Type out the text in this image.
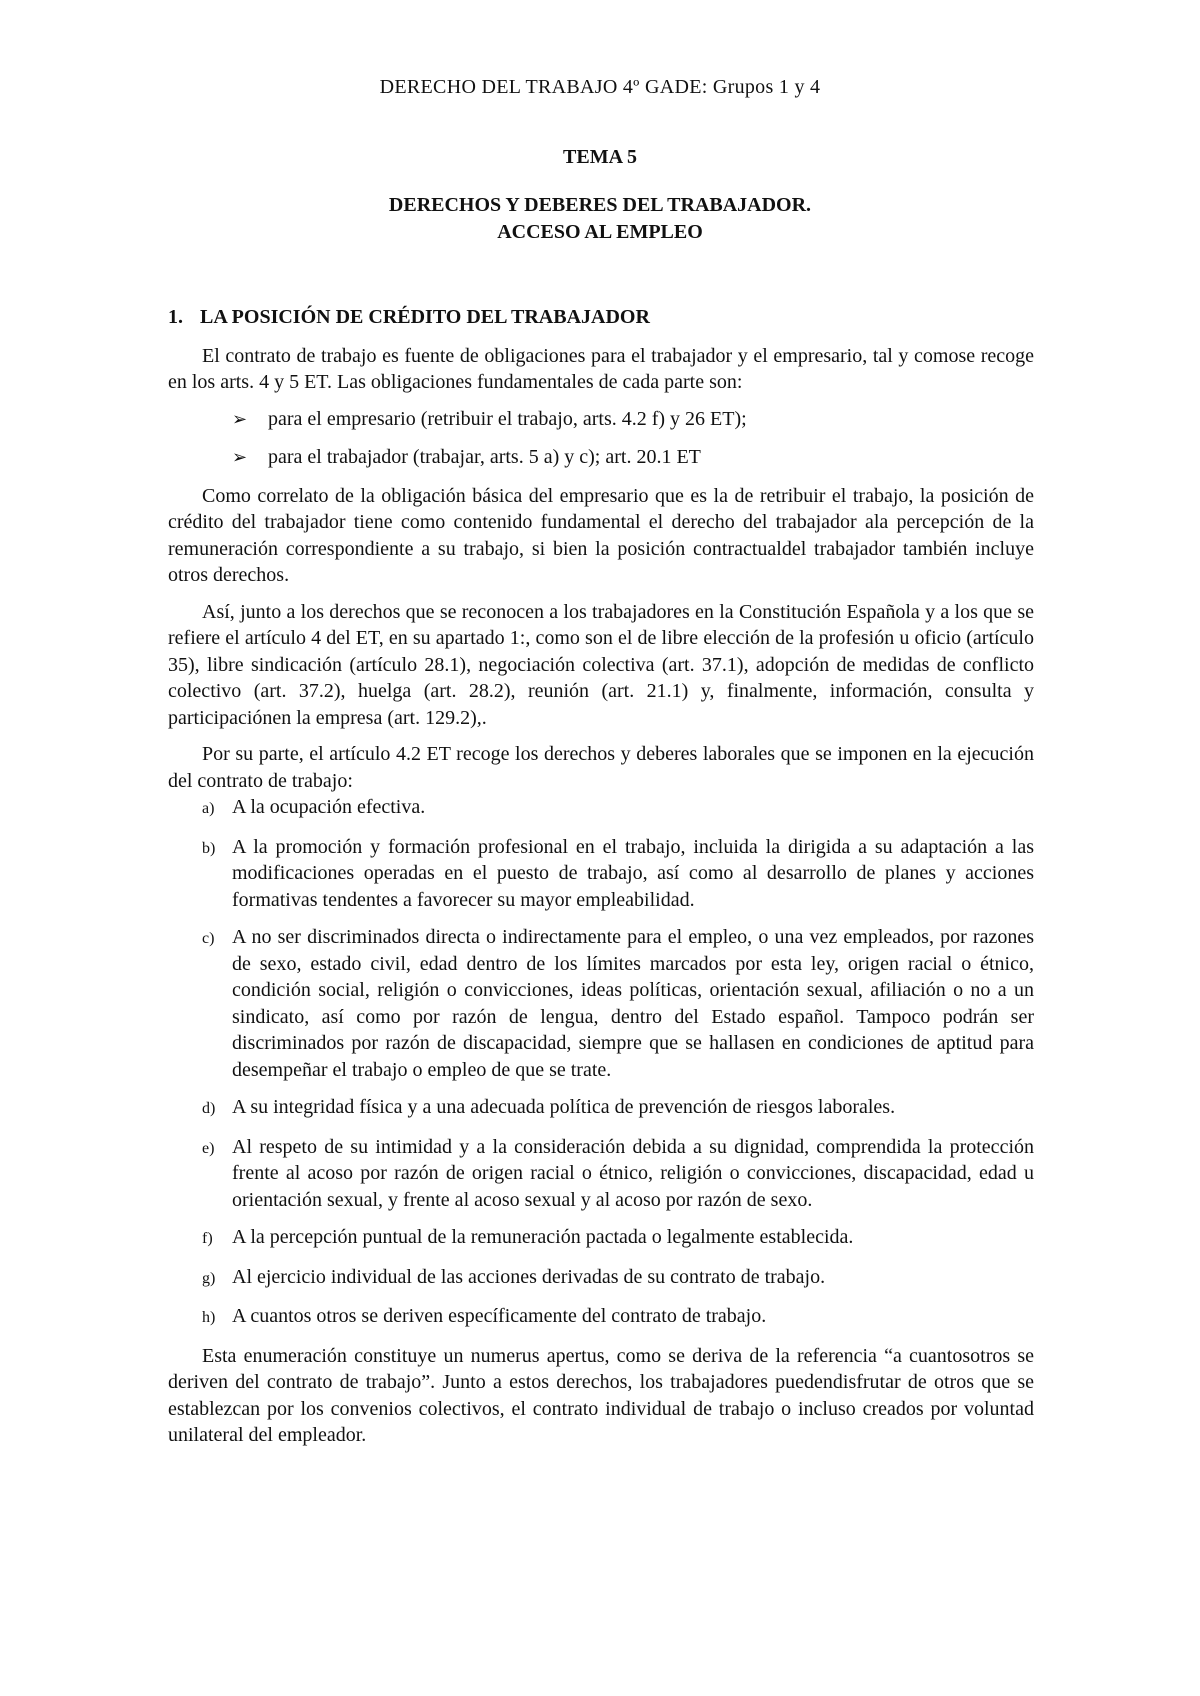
DERECHO DEL TRABAJO 4º GADE: Grupos 1 y 4
TEMA 5
DERECHOS Y DEBERES DEL TRABAJADOR.
ACCESO AL EMPLEO
1. LA POSICIÓN DE CRÉDITO DEL TRABAJADOR

El contrato de trabajo es fuente de obligaciones para el trabajador y el empresario, tal y comose recoge en los arts. 4 y 5 ET. Las obligaciones fundamentales de cada parte son:

➢	para el empresario (retribuir el trabajo, arts. 4.2 f) y 26 ET);
➢	para el trabajador (trabajar, arts. 5 a) y c); art. 20.1 ET

Como correlato de la obligación básica del empresario que es la de retribuir el trabajo, la posición de crédito del trabajador tiene como contenido fundamental el derecho del trabajador ala percepción de la remuneración correspondiente a su trabajo, si bien la posición contractualdel trabajador también incluye otros derechos.

Así, junto a los derechos que se reconocen a los trabajadores en la Constitución Española y a los que se refiere el artículo 4 del ET, en su apartado 1:, como son el de libre elección de la profesión u oficio (artículo 35), libre sindicación (artículo 28.1), negociación colectiva (art. 37.1), adopción de medidas de conflicto colectivo (art. 37.2), huelga (art. 28.2), reunión (art. 21.1) y, finalmente, información, consulta y participaciónen la empresa (art. 129.2),.

Por su parte, el artículo 4.2 ET recoge los derechos y deberes laborales que se imponen en la ejecución del contrato de trabajo:

a) A la ocupación efectiva.
b) A la promoción y formación profesional en el trabajo, incluida la dirigida a su adaptación a las modificaciones operadas en el puesto de trabajo, así como al desarrollo de planes y acciones formativas tendentes a favorecer su mayor empleabilidad.
c) A no ser discriminados directa o indirectamente para el empleo, o una vez empleados, por razones de sexo, estado civil, edad dentro de los límites marcados por esta ley, origen racial o étnico, condición social, religión o convicciones, ideas políticas, orientación sexual, afiliación o no a un sindicato, así como por razón de lengua, dentro del Estado español. Tampoco podrán ser discriminados por razón de discapacidad, siempre que se hallasen en condiciones de aptitud para desempeñar el trabajo o empleo de que se trate.
d) A su integridad física y a una adecuada política de prevención de riesgos laborales.
e) Al respeto de su intimidad y a la consideración debida a su dignidad, comprendida la protección frente al acoso por razón de origen racial o étnico, religión o convicciones, discapacidad, edad u orientación sexual, y frente al acoso sexual y al acoso por razón de sexo.
f) A la percepción puntual de la remuneración pactada o legalmente establecida.
g) Al ejercicio individual de las acciones derivadas de su contrato de trabajo.
h) A cuantos otros se deriven específicamente del contrato de trabajo.

Esta enumeración constituye un numerus apertus, como se deriva de la referencia “a cuantosotros se deriven del contrato de trabajo”. Junto a estos derechos, los trabajadores puedendisfrutar de otros que se establezcan por los convenios colectivos, el contrato individual de trabajo o incluso creados por voluntad unilateral del empleador.
